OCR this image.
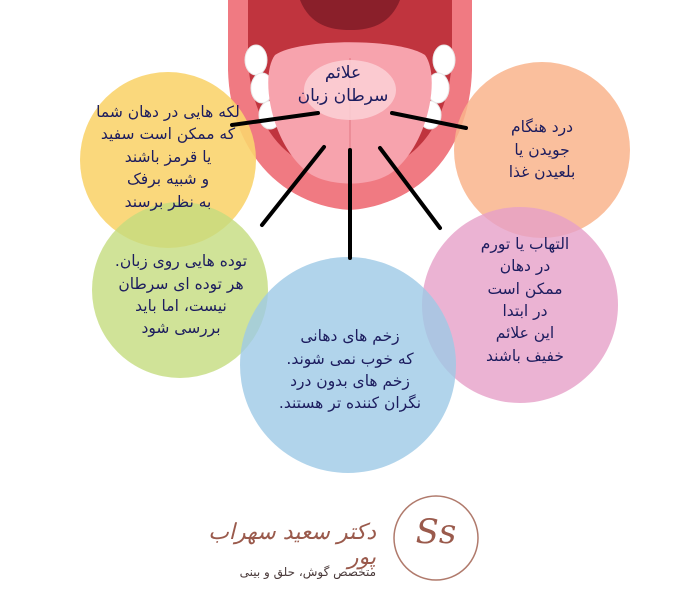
علائم
سرطان زبان
لکه هایی در دهان شما
که ممکن است سفید
یا قرمز باشند
و شبیه برفک
به نظر برسند
درد هنگام
جویدن یا
بلعیدن غذا
توده هایی روی زبان.
هر توده ای سرطان
نیست، اما باید
بررسی شود
التهاب یا تورم
در دهان
ممکن است
در ابتدا
این علائم
خفیف باشند
زخم های دهانی
که خوب نمی شوند.
زخم های بدون درد
نگران کننده تر هستند.
Ss
دکتر سعید سهراب پور
متخصص گوش، حلق و بینی
